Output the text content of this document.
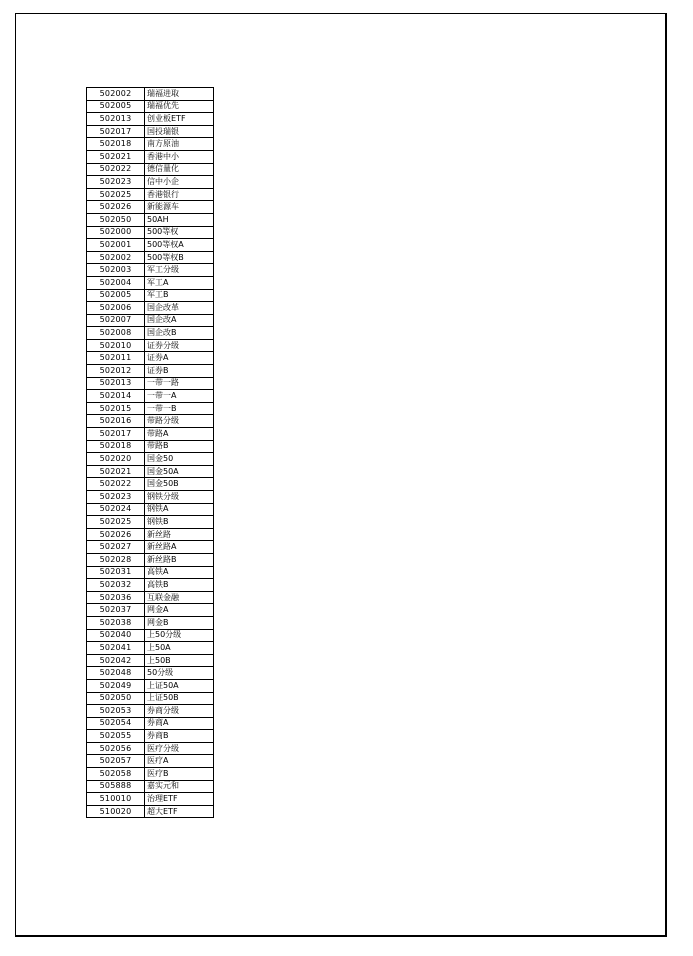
502002	瑞福进取
502005	瑞福优先
502013	创业板ETF
502017	国投瑞银
502018	南方原油
502021	香港中小
502022	德信量化
502023	信中小企
502025	香港银行
502026	新能源车
502050	50AH
502000	500等权
502001	500等权A
502002	500等权B
502003	军工分级
502004	军工A
502005	军工B
502006	国企改革
502007	国企改A
502008	国企改B
502010	证券分级
502011	证券A
502012	证券B
502013	一带一路
502014	一带一A
502015	一带一B
502016	带路分级
502017	带路A
502018	带路B
502020	国金50
502021	国金50A
502022	国金50B
502023	钢铁分级
502024	钢铁A
502025	钢铁B
502026	新丝路
502027	新丝路A
502028	新丝路B
502031	高铁A
502032	高铁B
502036	互联金融
502037	网金A
502038	网金B
502040	上50分级
502041	上50A
502042	上50B
502048	50分级
502049	上证50A
502050	上证50B
502053	券商分级
502054	券商A
502055	券商B
502056	医疗分级
502057	医疗A
502058	医疗B
505888	嘉实元和
510010	治理ETF
510020	超大ETF
